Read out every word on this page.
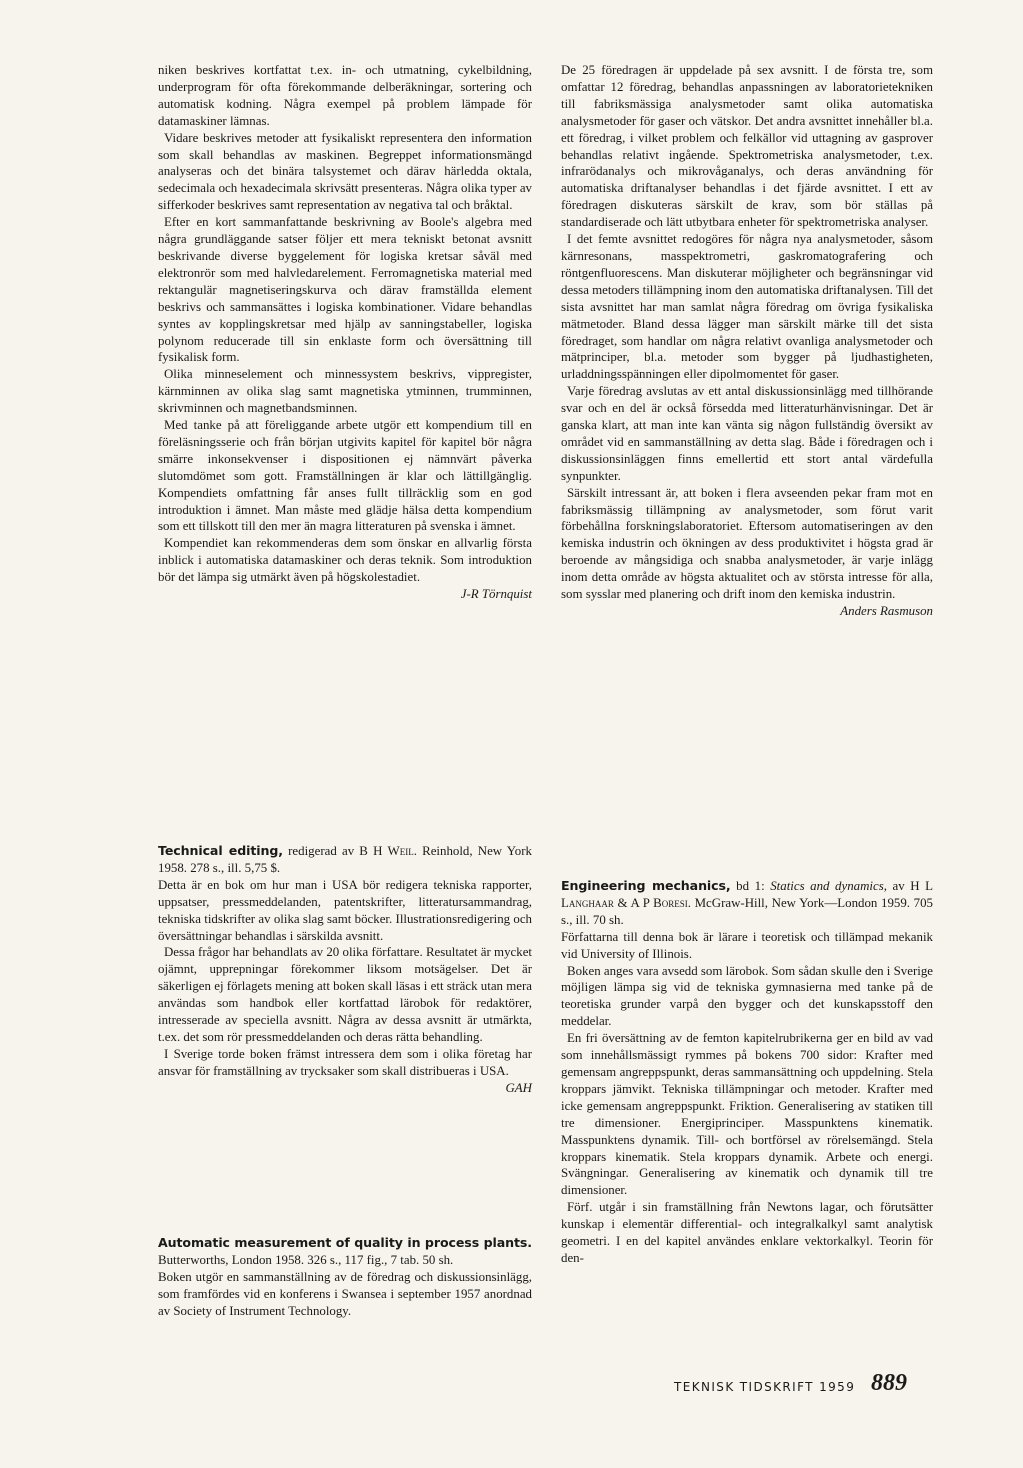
niken beskrives kortfattat t.ex. in- och utmatning, cykelbildning, underprogram för ofta förekommande delberäkningar, sortering och automatisk kodning. Några exempel på problem lämpade för datamaskiner lämnas.

Vidare beskrives metoder att fysikaliskt representera den information som skall behandlas av maskinen. Begreppet informationsmängd analyseras och det binära talsystemet och därav härledda oktala, sedecimala och hexadecimala skrivsätt presenteras. Några olika typer av sifferkoder beskrives samt representation av negativa tal och bråktal.

Efter en kort sammanfattande beskrivning av Boole's algebra med några grundläggande satser följer ett mera tekniskt betonat avsnitt beskrivande diverse byggelement för logiska kretsar såväl med elektronrör som med halvledarelement. Ferromagnetiska material med rektangulär magnetiseringskurva och därav framställda element beskrivs och sammansättes i logiska kombinationer. Vidare behandlas syntes av kopplingskretsar med hjälp av sanningstabeller, logiska polynom reducerade till sin enklaste form och översättning till fysikalisk form.

Olika minneselement och minnessystem beskrivs, vippregister, kärnminnen av olika slag samt magnetiska ytminnen, trumminnen, skrivminnen och magnetbandsminnen.

Med tanke på att föreliggande arbete utgör ett kompendium till en föreläsningsserie och från början utgivits kapitel för kapitel bör några smärre inkonsekvenser i dispositionen ej nämnvärt påverka slutomdömet som gott. Framställningen är klar och lättillgänglig. Kompendiets omfattning får anses fullt tillräcklig som en god introduktion i ämnet. Man måste med glädje hälsa detta kompendium som ett tillskott till den mer än magra litteraturen på svenska i ämnet.

Kompendiet kan rekommenderas dem som önskar en allvarlig första inblick i automatiska datamaskiner och deras teknik. Som introduktion bör det lämpa sig utmärkt även på högskolestadiet.

J-R Törnquist

Technical editing, redigerad av B H Weil. Reinhold, New York 1958. 278 s., ill. 5,75 $.

Detta är en bok om hur man i USA bör redigera tekniska rapporter, uppsatser, pressmeddelanden, patentskrifter, litteratursammandrag, tekniska tidskrifter av olika slag samt böcker. Illustrationsredigering och översättningar behandlas i särskilda avsnitt.

Dessa frågor har behandlats av 20 olika författare. Resultatet är mycket ojämnt, upprepningar förekommer liksom motsägelser. Det är säkerligen ej förlagets mening att boken skall läsas i ett sträck utan mera användas som handbok eller kortfattad lärobok för redaktörer, intresserade av speciella avsnitt. Några av dessa avsnitt är utmärkta, t.ex. det som rör pressmeddelanden och deras rätta behandling.

I Sverige torde boken främst intressera dem som i olika företag har ansvar för framställning av trycksaker som skall distribueras i USA.
GAH

Automatic measurement of quality in process plants. Butterworths, London 1958. 326 s., 117 fig., 7 tab. 50 sh.

Boken utgör en sammanställning av de föredrag och diskussionsinlägg, som framfördes vid en konferens i Swansea i september 1957 anordnad av Society of Instrument Technology.

De 25 föredragen är uppdelade på sex avsnitt. I de första tre, som omfattar 12 föredrag, behandlas anpassningen av laboratorietekniken till fabriksmässiga analysmetoder samt olika automatiska analysmetoder för gaser och vätskor. Det andra avsnittet innehåller bl.a. ett föredrag, i vilket problem och felkällor vid uttagning av gasprover behandlas relativt ingående. Spektrometriska analysmetoder, t.ex. infrarödanalys och mikrovåganalys, och deras användning för automatiska driftanalyser behandlas i det fjärde avsnittet. I ett av föredragen diskuteras särskilt de krav, som bör ställas på standardiserade och lätt utbytbara enheter för spektrometriska analyser.

I det femte avsnittet redogöres för några nya analysmetoder, såsom kärnresonans, masspektrometri, gaskromatografering och röntgenfluorescens. Man diskuterar möjligheter och begränsningar vid dessa metoders tillämpning inom den automatiska driftanalysen. Till det sista avsnittet har man samlat några föredrag om övriga fysikaliska mätmetoder. Bland dessa lägger man särskilt märke till det sista föredraget, som handlar om några relativt ovanliga analysmetoder och mätprinciper, bl.a. metoder som bygger på ljudhastigheten, urladdningsspänningen eller dipolmomentet för gaser.

Varje föredrag avslutas av ett antal diskussionsinlägg med tillhörande svar och en del är också försedda med litteraturhänvisningar. Det är ganska klart, att man inte kan vänta sig någon fullständig översikt av området vid en sammanställning av detta slag. Både i föredragen och i diskussionsinläggen finns emellertid ett stort antal värdefulla synpunkter.

Särskilt intressant är, att boken i flera avseenden pekar fram mot en fabriksmässig tillämpning av analysmetoder, som förut varit förbehållna forskningslaboratoriet. Eftersom automatiseringen av den kemiska industrin och ökningen av dess produktivitet i högsta grad är beroende av mångsidiga och snabba analysmetoder, är varje inlägg inom detta område av högsta aktualitet och av största intresse för alla, som sysslar med planering och drift inom den kemiska industrin.
Anders Rasmuson

Engineering mechanics, bd 1: Statics and dynamics, av H L Langhaar & A P Boresi. McGraw-Hill, New York—London 1959. 705 s., ill. 70 sh.

Författarna till denna bok är lärare i teoretisk och tillämpad mekanik vid University of Illinois.

Boken anges vara avsedd som lärobok. Som sådan skulle den i Sverige möjligen lämpa sig vid de tekniska gymnasierna med tanke på de teoretiska grunder varpå den bygger och det kunskapsstoff den meddelar.

En fri översättning av de femton kapitelrubrikerna ger en bild av vad som innehållsmässigt rymmes på bokens 700 sidor: Krafter med gemensam angreppspunkt, deras sammansättning och uppdelning. Stela kroppars jämvikt. Tekniska tillämpningar och metoder. Krafter med icke gemensam angreppspunkt. Friktion. Generalisering av statiken till tre dimensioner. Energiprinciper. Masspunktens kinematik. Masspunktens dynamik. Till- och bortförsel av rörelsemängd. Stela kroppars kinematik. Stela kroppars dynamik. Arbete och energi. Svängningar. Generalisering av kinematik och dynamik till tre dimensioner.

Förf. utgår i sin framställning från Newtons lagar, och förutsätter kunskap i elementär differential- och integralkalkyl samt analytisk geometri. I en del kapitel användes enklare vektorkalkyl. Teorin för den-

TEKNISK TIDSKRIFT 1959 889
